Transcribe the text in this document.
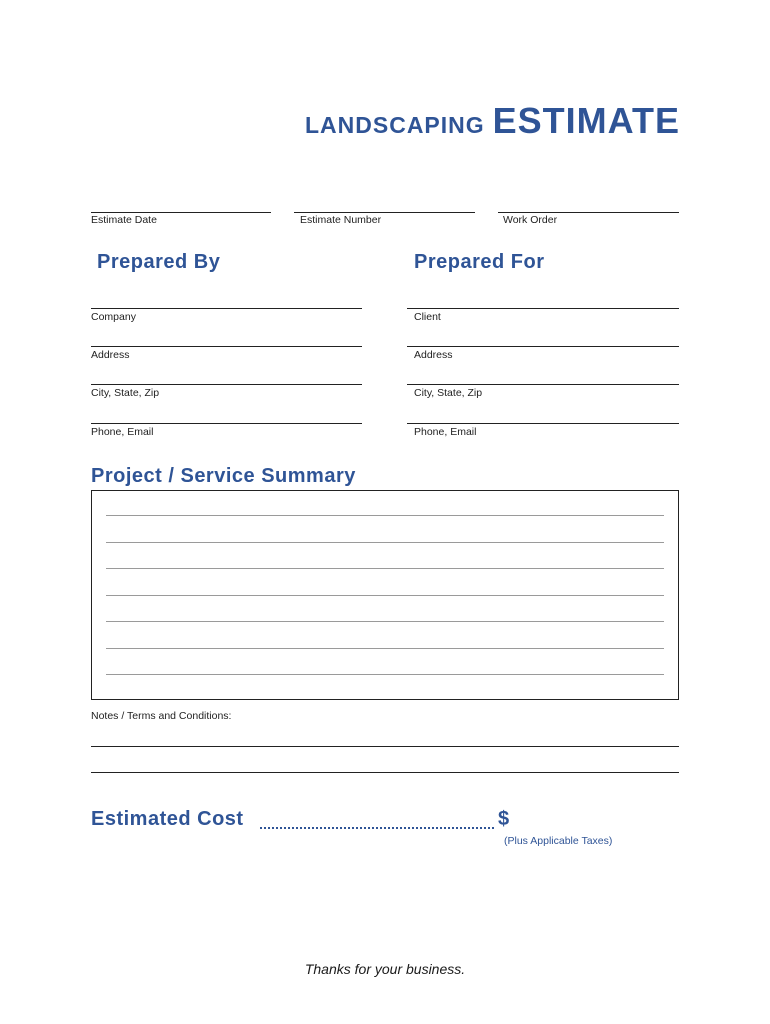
LANDSCAPING ESTIMATE
Estimate Date	Estimate Number	Work Order
Prepared By
Company
Address
City, State, Zip
Phone, Email
Prepared For
Client
Address
City, State, Zip
Phone, Email
Project / Service Summary
Notes / Terms and Conditions:
Estimated Cost	$
(Plus Applicable Taxes)
Thanks for your business.
